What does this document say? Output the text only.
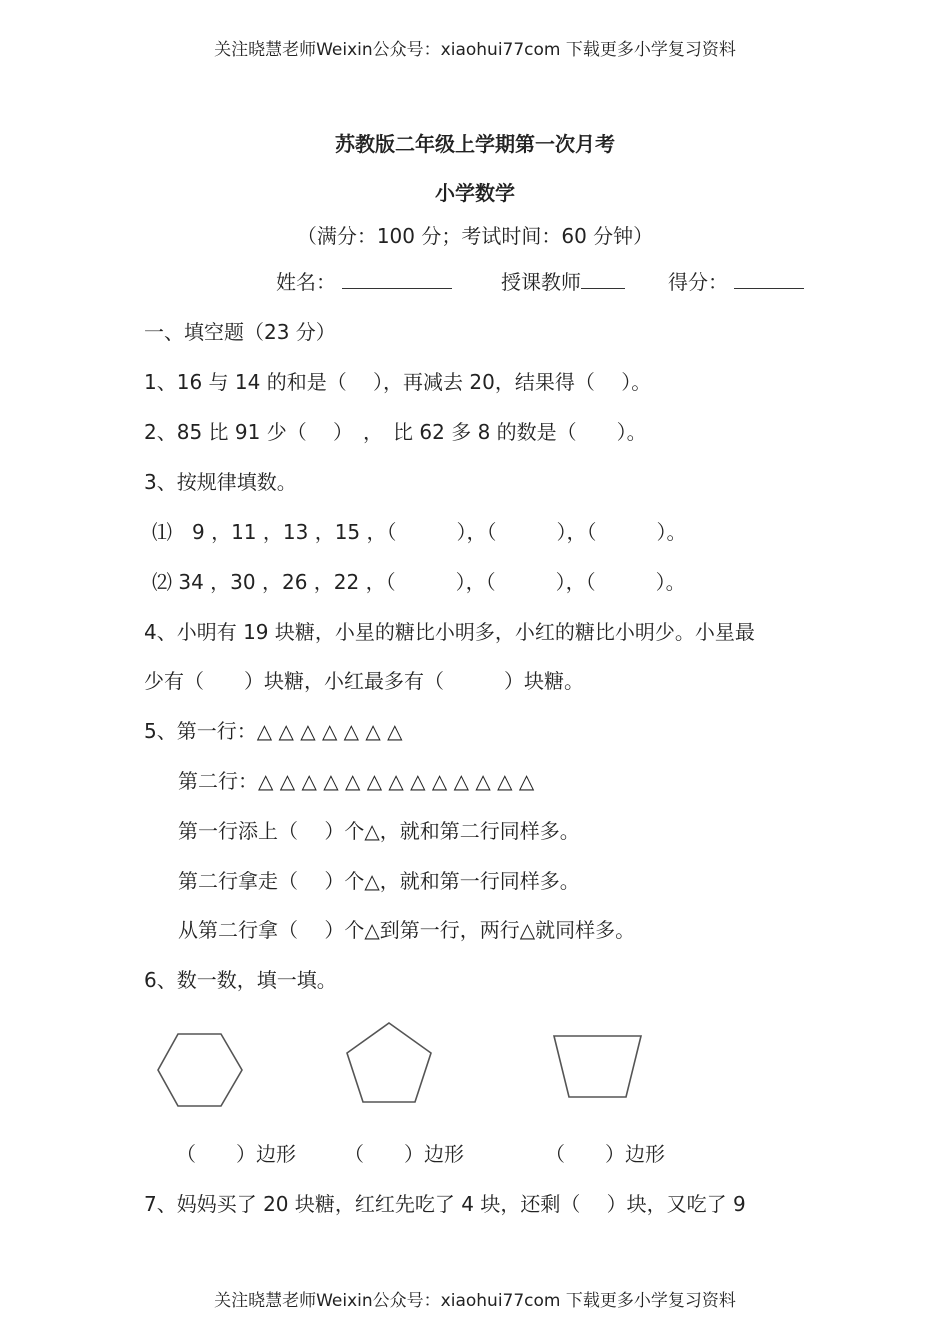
关注晓慧老师Weixin公众号：xiaohui77com 下载更多小学复习资料
苏教版二年级上学期第一次月考
小学数学
（满分：100 分；考试时间：60 分钟）
姓名：	授课教师	得分：
一、填空题（23 分）
1、16 与 14 的和是（　 ），再减去 20，结果得（　 ）。
2、85 比 91 少（　 ）　，　比 62 多 8 的数是（　　）。
3、按规律填数。
⑴　9 ，11 ，13 ，15 ，（　　　），（　　　），（　　　）。
⑵ 34 ，30 ，26 ，22 ，（　　　），（　　　），（　　　）。
4、小明有 19 块糖，小星的糖比小明多，小红的糖比小明少。小星最
少有（　　）块糖，小红最多有（　　　）块糖。
5、第一行：△ △ △ △ △ △ △
第二行：△ △ △ △ △ △ △ △ △ △ △ △ △
第一行添上（　 ）个△，就和第二行同样多。
第二行拿走（　 ）个△，就和第一行同样多。
从第二行拿（　 ）个△到第一行，两行△就同样多。
6、数一数，填一填。
（　　）边形 （　　）边形	（　　）边形
7、妈妈买了 20 块糖，红红先吃了 4 块，还剩（　 ）块，又吃了 9
关注晓慧老师Weixin公众号：xiaohui77com 下载更多小学复习资料
